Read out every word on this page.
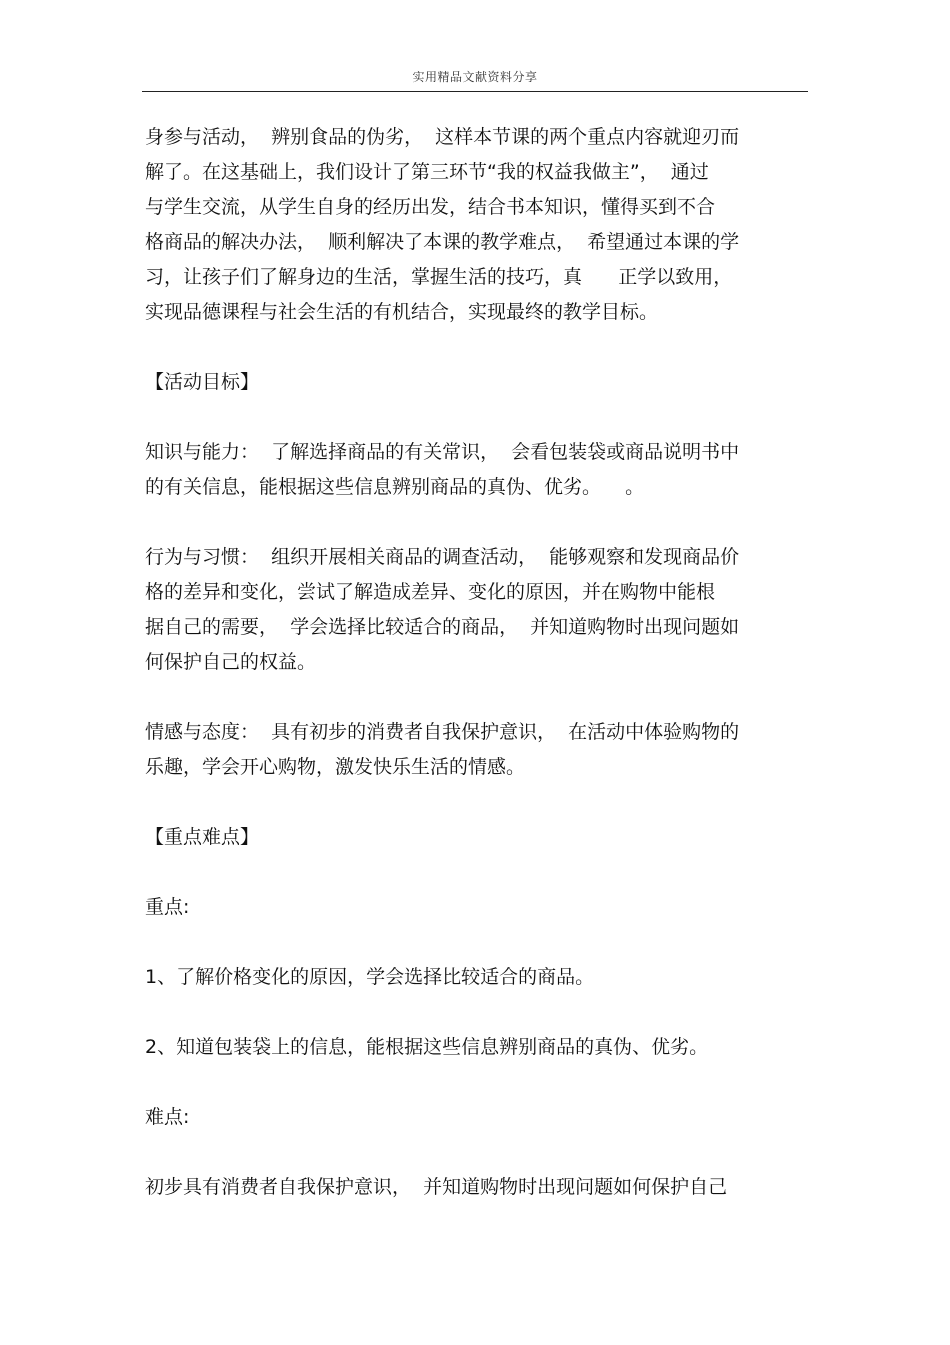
实用精品文献资料分享
身参与活动，  辨别食品的伪劣，  这样本节课的两个重点内容就迎刃而
解了。在这基础上，我们设计了第三环节“我的权益我做主”，  通过
与学生交流，从学生自身的经历出发，结合书本知识，懂得买到不合
格商品的解决办法，  顺利解决了本课的教学难点，  希望通过本课的学
习，让孩子们了解身边的生活，掌握生活的技巧，真      正学以致用，
实现品德课程与社会生活的有机结合，实现最终的教学目标。
【活动目标】
知识与能力：  了解选择商品的有关常识，  会看包装袋或商品说明书中
的有关信息，能根据这些信息辨别商品的真伪、优劣。    。
行为与习惯：  组织开展相关商品的调查活动，  能够观察和发现商品价
格的差异和变化，尝试了解造成差异、变化的原因，并在购物中能根
据自己的需要，  学会选择比较适合的商品，  并知道购物时出现问题如
何保护自己的权益。
情感与态度：  具有初步的消费者自我保护意识，  在活动中体验购物的
乐趣，学会开心购物，激发快乐生活的情感。
【重点难点】
重点:
1、了解价格变化的原因，学会选择比较适合的商品。
2、知道包装袋上的信息，能根据这些信息辨别商品的真伪、优劣。
难点:
初步具有消费者自我保护意识，  并知道购物时出现问题如何保护自己
